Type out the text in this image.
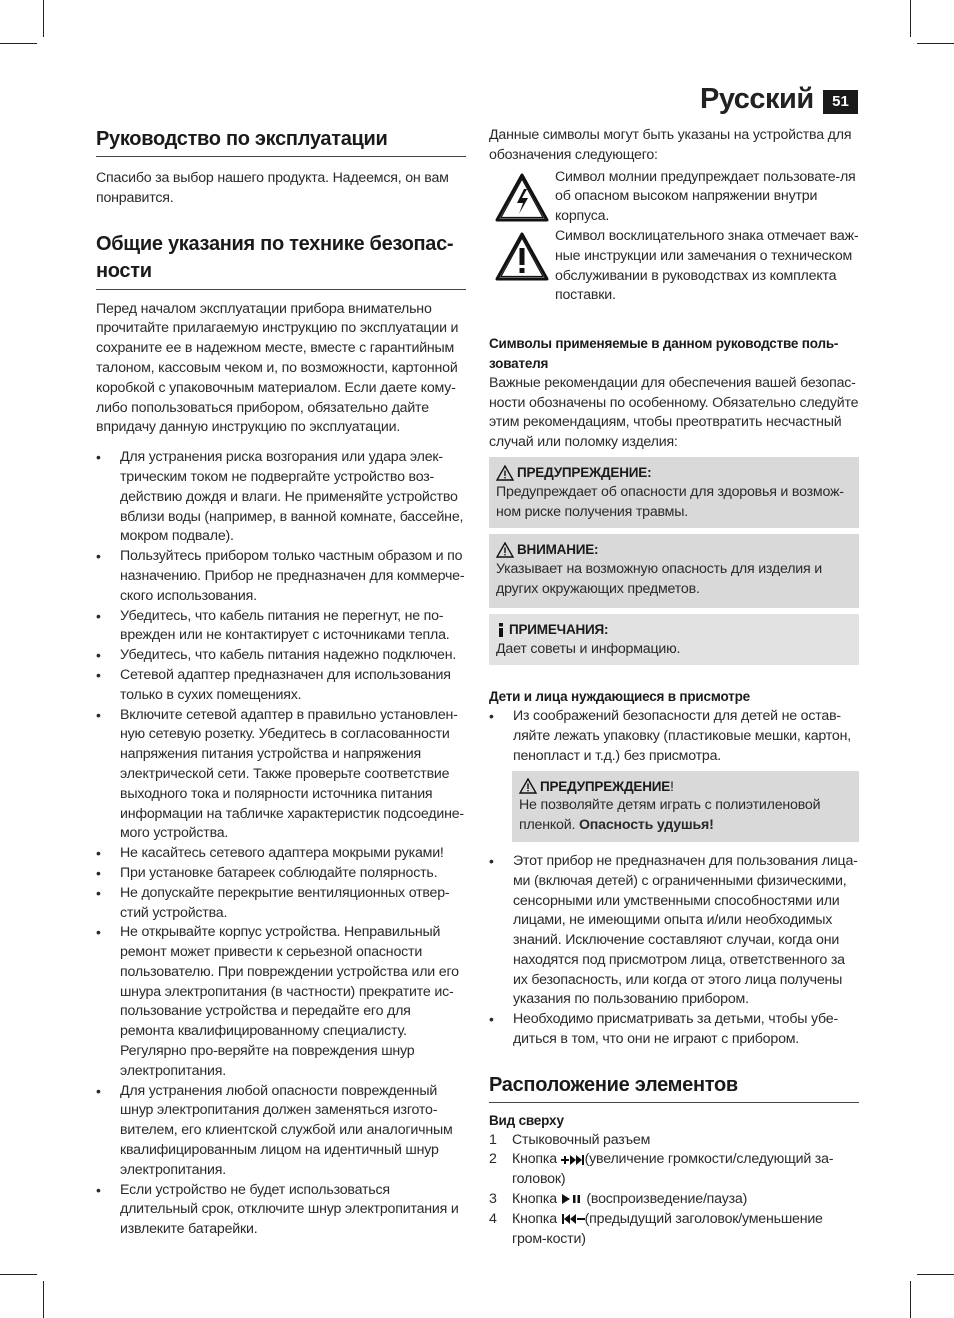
Русский	51
Руководство по эксплуатации

Спасибо за выбор нашего продукта. Надеемся, он вам понравится.

Общие указания по технике безопас-ности

Перед началом эксплуатации прибора внимательно прочитайте прилагаемую инструкцию по эксплуатации и сохраните ее в надежном месте, вместе с гарантийным талоном, кассовым чеком и, по возможности, картонной коробкой с упаковочным материалом. Если даете кому-либо попользоваться прибором, обязательно дайте впридачу данную инструкцию по эксплуатации.

• Для устранения риска возгорания или удара элек-трическим током не подвергайте устройство воз-действию дождя и влаги. Не применяйте устройство вблизи воды (например, в ванной комнате, бассейне, мокром подвале).
• Пользуйтесь прибором только частным образом и по назначению. Прибор не предназначен для коммерче-ского использования.
• Убедитесь, что кабель питания не перегнут, не по-врежден или не контактирует с источниками тепла.
• Убедитесь, что кабель питания надежно подключен.
• Сетевой адаптер предназначен для использования только в сухих помещениях.
• Включите сетевой адаптер в правильно установлен-ную сетевую розетку. Убедитесь в согласованности напряжения питания устройства и напряжения электрической сети. Также проверьте соответствие выходного тока и полярности источника питания информации на табличке характеристик подсоедине-мого устройства.
• Не касайтесь сетевого адаптера мокрыми руками!
• При установке батареек соблюдайте полярность.
• Не допускайте перекрытие вентиляционных отвер-стий устройства.
• Не открывайте корпус устройства. Неправильный ремонт может привести к серьезной опасности пользователю. При повреждении устройства или его шнура электропитания (в частности) прекратите ис-пользование устройства и передайте его для ремонта квалифицированному специалисту. Регулярно про-веряйте на повреждения шнур электропитания.
• Для устранения любой опасности поврежденный шнур электропитания должен заменяться изгото-вителем, его клиентской службой или аналогичным квалифицированным лицом на идентичный шнур электропитания.
• Если устройство не будет использоваться длительный срок, отключите шнур электропитания и извлеките батарейки.

Данные символы могут быть указаны на устройства для обозначения следующего:

Символ молнии предупреждает пользовате-ля об опасном высоком напряжении внутри корпуса.

Символ восклицательного знака отмечает важ-ные инструкции или замечания о техническом обслуживании в руководствах из комплекта поставки.

Символы применяемые в данном руководстве поль-зователя

Важные рекомендации для обеспечения вашей безопас-ности обозначены по особенному. Обязательно следуйте этим рекомендациям, чтобы преотвратить несчастный случай или поломку изделия:

ПРЕДУПРЕЖДЕНИЕ:

Предупреждает об опасности для здоровья и возмож-ном риске получения травмы.

ВНИМАНИЕ:

Указывает на возможную опасность для изделия и других окружающих предметов.

ПРИМЕЧАНИЯ:

Дает советы и информацию.

Дети и лица нуждающиеся в присмотре

• Из соображений безопасности для детей не остав-ляйте лежать упаковку (пластиковые мешки, картон, пенопласт и т.д.) без присмотра.
ПРЕДУПРЕЖДЕНИЕ !

Не позволяйте детям играть с полиэтиленовой пленкой. Опасность удушья!

• Этот прибор не предназначен для пользования лица-ми (включая детей) с ограниченными физическими, сенсорными или умственными способностями или лицами, не имеющими опыта и/или необходимых знаний. Исключение составляют случаи, когда они находятся под присмотром лица, ответственного за их безопасность, или когда от этого лица получены указания по пользованию прибором.
• Необходимо присматривать за детьми, чтобы убе-диться в том, что они не играют с прибором.
Расположение элементов

Вид сверху

1	Стыковочный разъем
2	Кнопка (увеличение громкости/следующий за-головок)
3	Кнопка (воспроизведение/пауза)
4	Кнопка (предыдущий заголовок/уменьшение гром-кости)
